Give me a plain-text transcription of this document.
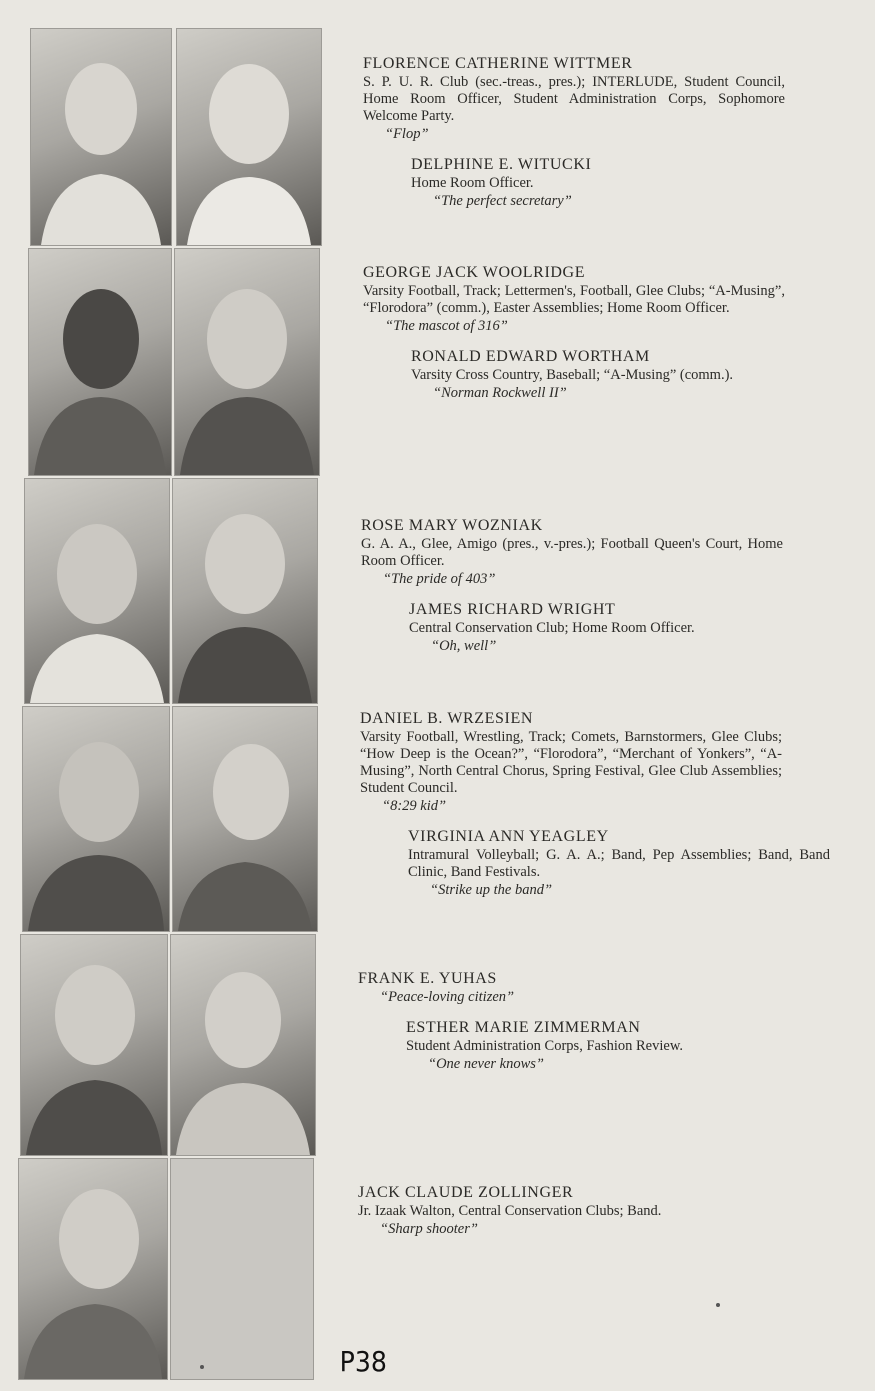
FLORENCE CATHERINE WITTMER
S. P. U. R. Club (sec.-treas., pres.); INTERLUDE, Student Council, Home Room Officer, Student Administration Corps, Sophomore Welcome Party.
“Flop”
DELPHINE E. WITUCKI
Home Room Officer.
“The perfect secretary”
GEORGE JACK WOOLRIDGE
Varsity Football, Track; Lettermen's, Football, Glee Clubs; “A-Musing”, “Florodora” (comm.), Easter Assemblies; Home Room Officer.
“The mascot of 316”
RONALD EDWARD WORTHAM
Varsity Cross Country, Baseball; “A-Musing” (comm.).
“Norman Rockwell II”
ROSE MARY WOZNIAK
G. A. A., Glee, Amigo (pres., v.-pres.); Football Queen's Court, Home Room Officer.
“The pride of 403”
JAMES RICHARD WRIGHT
Central Conservation Club; Home Room Officer.
“Oh, well”
DANIEL B. WRZESIEN
Varsity Football, Wrestling, Track; Comets, Barnstormers, Glee Clubs; “How Deep is the Ocean?”, “Florodora”, “Merchant of Yonkers”, “A-Musing”, North Central Chorus, Spring Festival, Glee Club Assemblies; Student Council.
“8:29 kid”
VIRGINIA ANN YEAGLEY
Intramural Volleyball; G. A. A.; Band, Pep Assemblies; Band, Band Clinic, Band Festivals.
“Strike up the band”
FRANK E. YUHAS
“Peace-loving citizen”
ESTHER MARIE ZIMMERMAN
Student Administration Corps, Fashion Review.
“One never knows”
JACK CLAUDE ZOLLINGER
Jr. Izaak Walton, Central Conservation Clubs; Band.
“Sharp shooter”
P38
